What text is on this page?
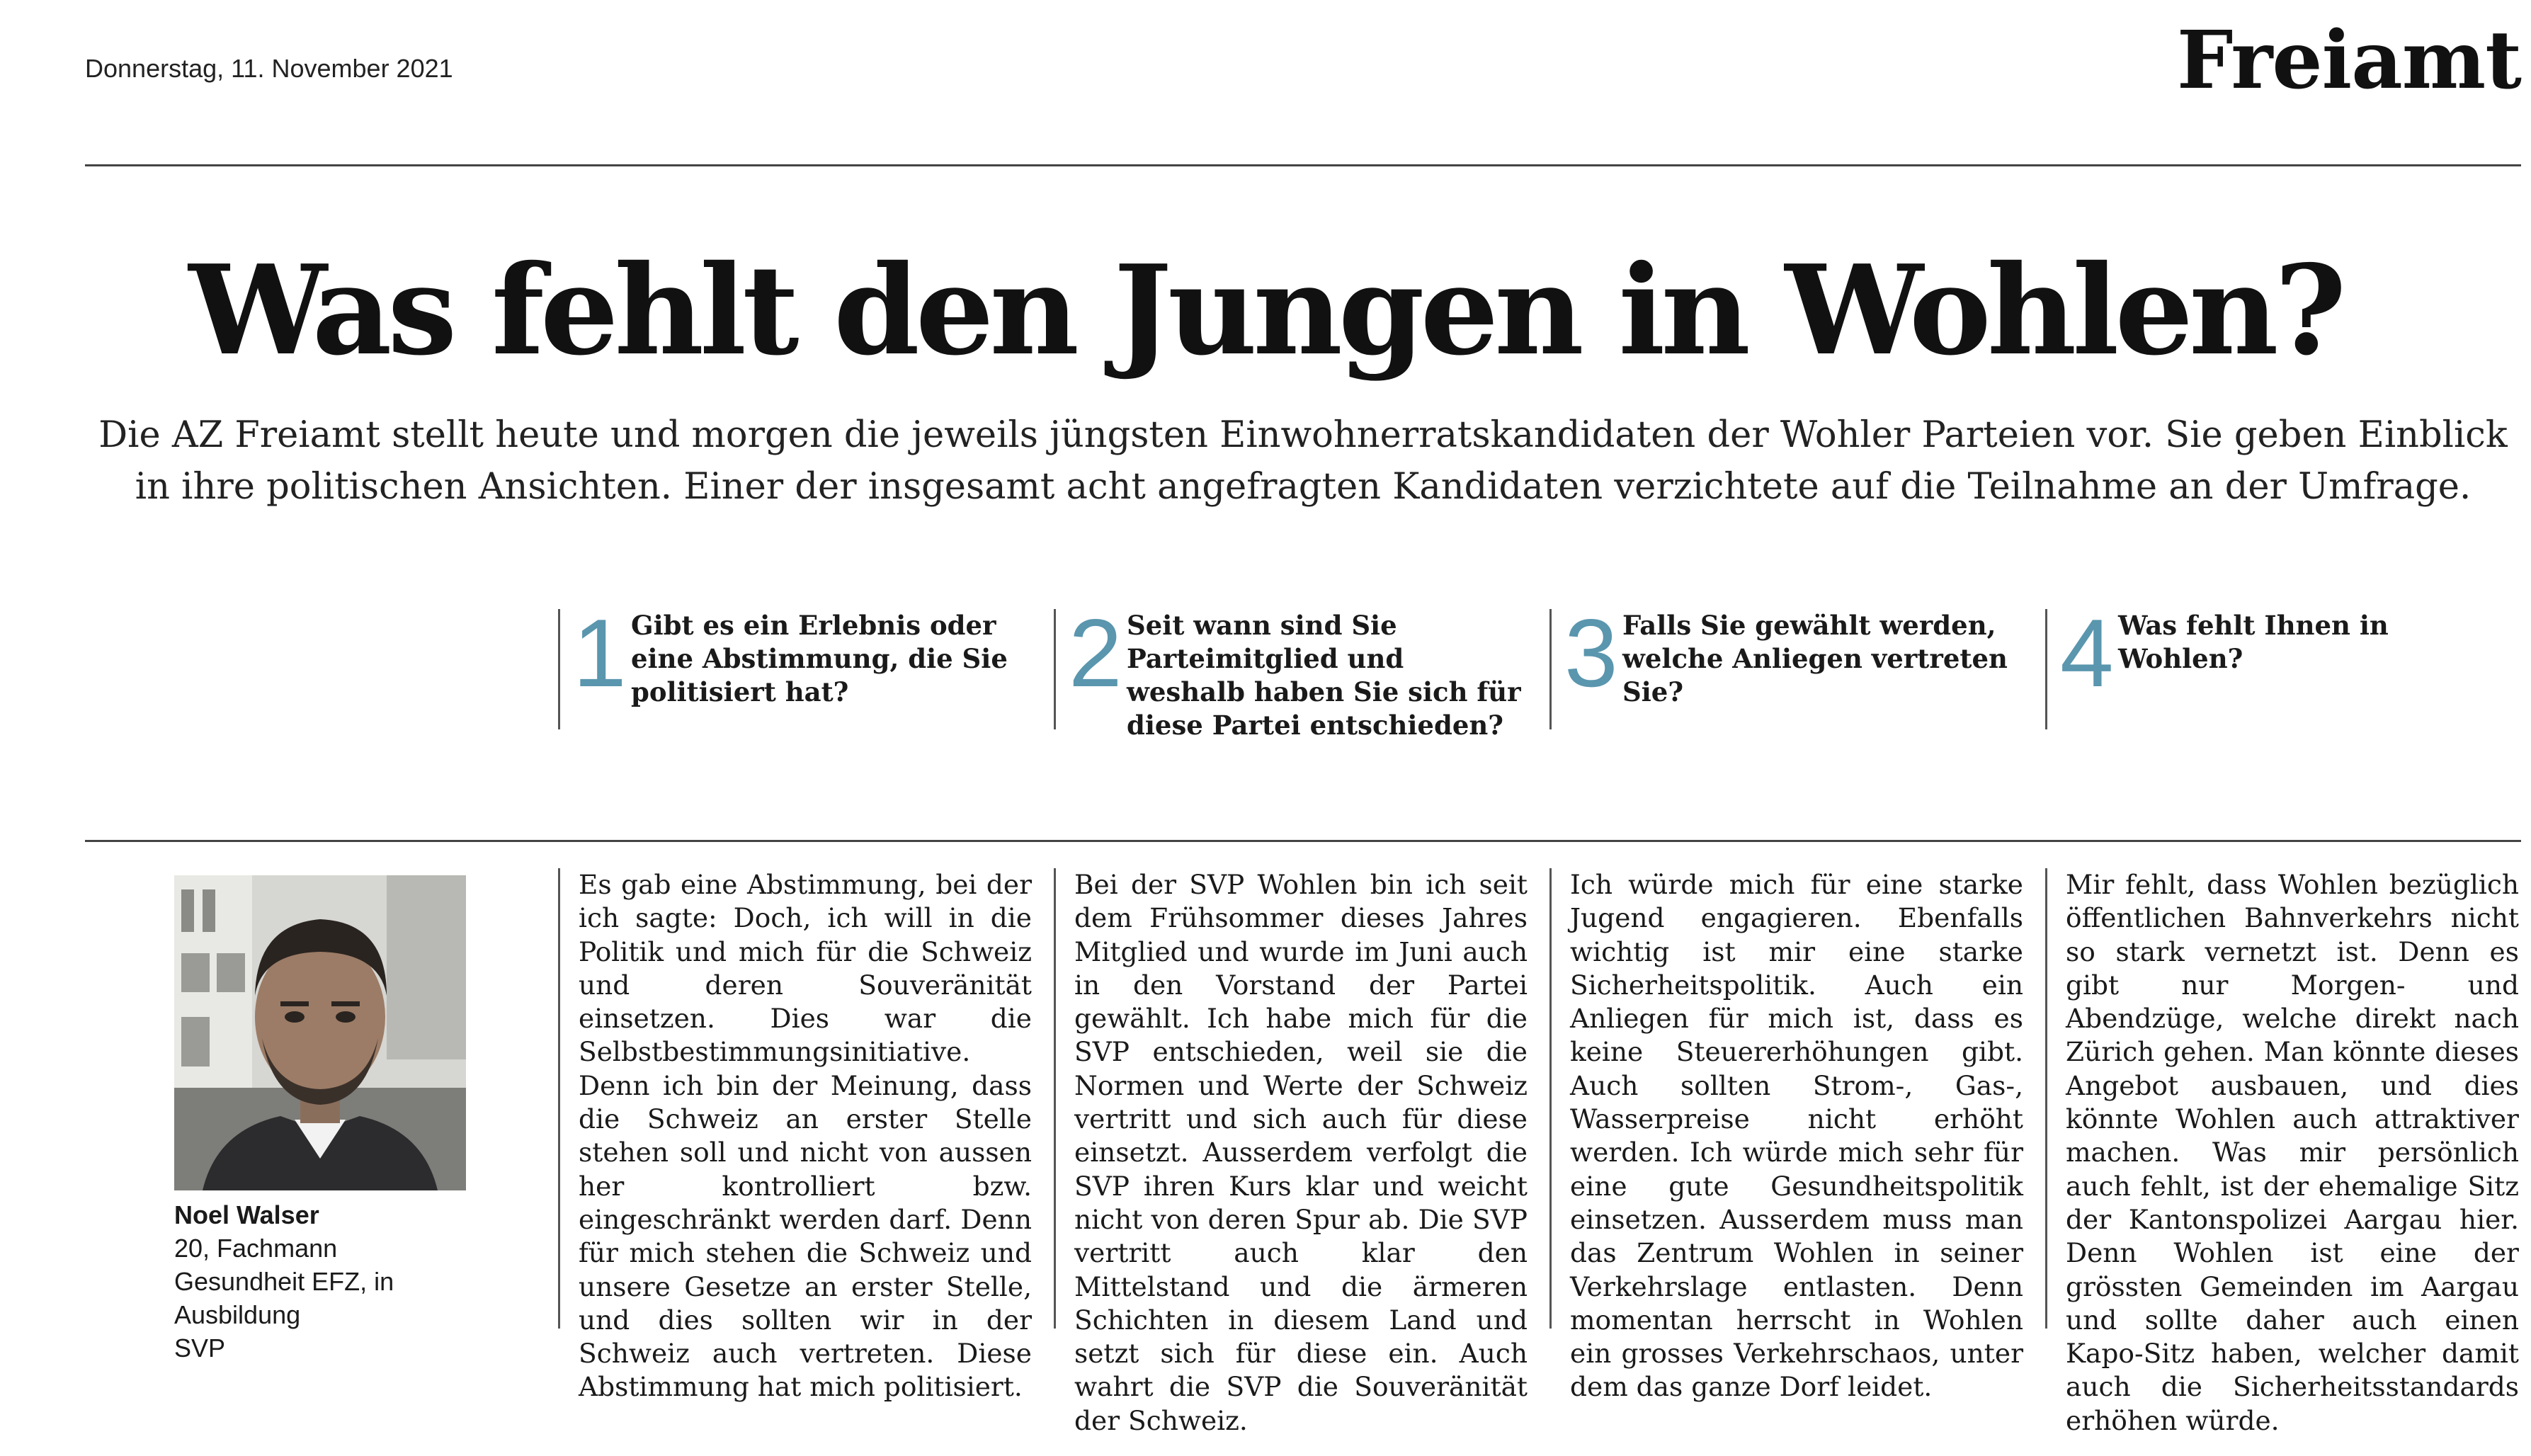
Donnerstag, 11. November 2021	Freiamt
Was fehlt den Jungen in Wohlen?

Die AZ Freiamt stellt heute und morgen die jeweils jüngsten Einwohnerratskandidaten der Wohler Parteien vor. Sie geben Einblick in ihre politischen Ansichten. Einer der insgesamt acht angefragten Kandidaten verzichtete auf die Teilnahme an der Umfrage.

1 Gibt es ein Erlebnis oder eine Abstimmung, die Sie politisiert hat?	2 Seit wann sind Sie Parteimitglied und weshalb haben Sie sich für diese Partei entschieden?
3 Falls Sie gewählt werden, welche Anliegen vertreten Sie?	4 Was fehlt Ihnen in Wohlen?
Noel Walser
20, Fachmann Gesundheit EFZ, in Ausbildung
SVP

Es gab eine Abstimmung, bei der ich sagte: Doch, ich will in die Politik und mich für die Schweiz und deren Souveränität einsetzen. Dies war die Selbstbestimmungsinitiative. Denn ich bin der Meinung, dass die Schweiz an erster Stelle stehen soll und nicht von aussen her kontrolliert bzw. eingeschränkt werden darf. Denn für mich stehen die Schweiz und unsere Gesetze an erster Stelle, und dies sollten wir in der Schweiz auch vertreten. Diese Abstimmung hat mich politisiert.

Bei der SVP Wohlen bin ich seit dem Frühsommer dieses Jahres Mitglied und wurde im Juni auch in den Vorstand der Partei gewählt. Ich habe mich für die SVP entschieden, weil sie die Normen und Werte der Schweiz vertritt und sich auch für diese einsetzt. Ausserdem verfolgt die SVP ihren Kurs klar und weicht nicht von deren Spur ab. Die SVP vertritt auch klar den Mittelstand und die ärmeren Schichten in diesem Land und setzt sich für diese ein. Auch wahrt die SVP die Souveränität der Schweiz.

Ich würde mich für eine starke Jugend engagieren. Ebenfalls wichtig ist mir eine starke Sicherheitspolitik. Auch ein Anliegen für mich ist, dass es keine Steuererhöhungen gibt. Auch sollten Strom-, Gas-, Wasserpreise nicht erhöht werden. Ich würde mich sehr für eine gute Gesundheitspolitik einsetzen. Ausserdem muss man das Zentrum Wohlen in seiner Verkehrslage entlasten. Denn momentan herrscht in Wohlen ein grosses Verkehrschaos, unter dem das ganze Dorf leidet.

Mir fehlt, dass Wohlen bezüglich öffentlichen Bahnverkehrs nicht so stark vernetzt ist. Denn es gibt nur Morgen- und Abendzüge, welche direkt nach Zürich gehen. Man könnte dieses Angebot ausbauen, und dies könnte Wohlen auch attraktiver machen. Was mir persönlich auch fehlt, ist der ehemalige Sitz der Kantonspolizei Aargau hier. Denn Wohlen ist eine der grössten Gemeinden im Aargau und sollte daher auch einen Kapo-Sitz haben, welcher damit auch die Sicherheitsstandards erhöhen würde.
